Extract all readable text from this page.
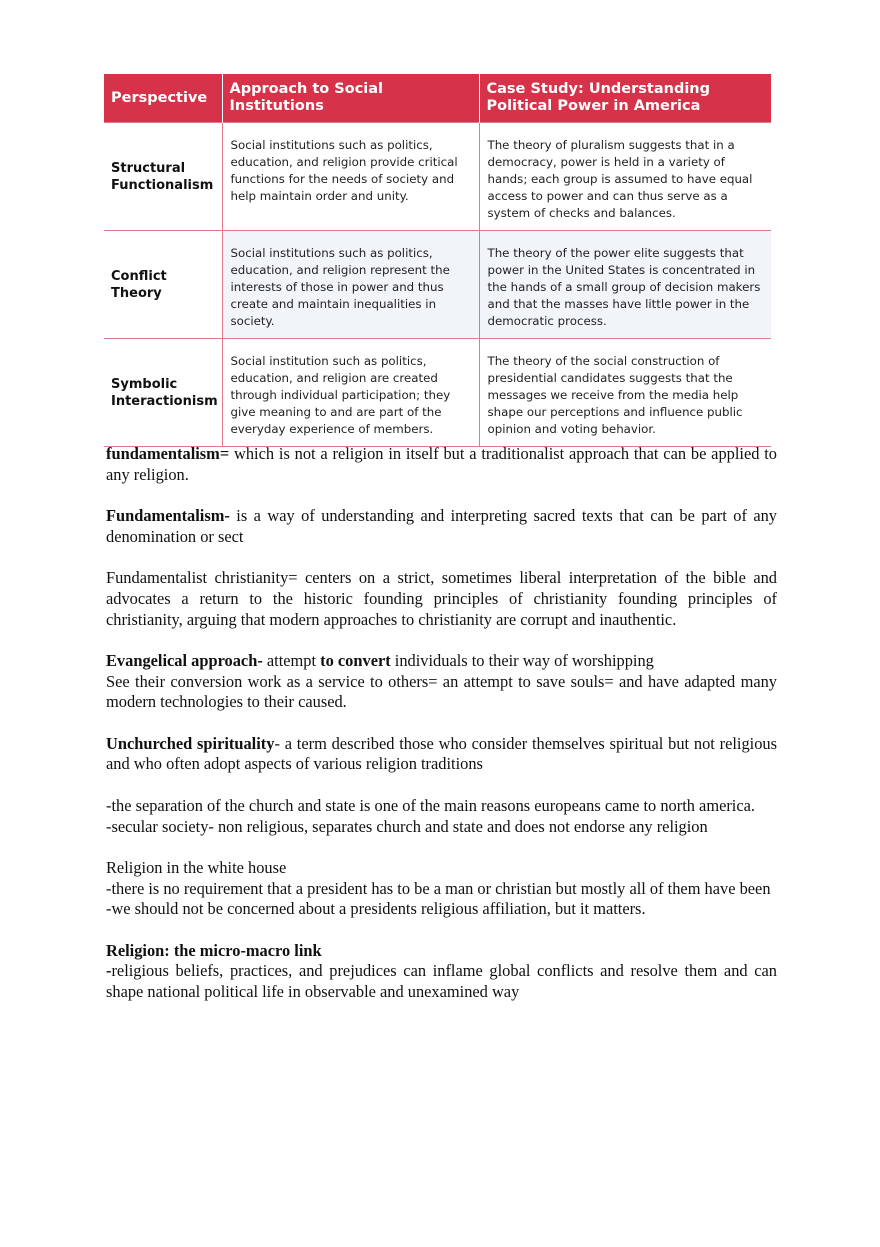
Perspective	Approach to Social Institutions	Case Study: Understanding Political Power in America
Structural Functionalism	Social institutions such as politics, education, and religion provide critical functions for the needs of society and help maintain order and unity.	The theory of pluralism suggests that in a democracy, power is held in a variety of hands; each group is assumed to have equal access to power and can thus serve as a system of checks and balances.
Conflict Theory	Social institutions such as politics, education, and religion represent the interests of those in power and thus create and maintain inequalities in society.	The theory of the power elite suggests that power in the United States is concentrated in the hands of a small group of decision makers and that the masses have little power in the democratic process.
Symbolic Interactionism	Social institution such as politics, education, and religion are created through individual participation; they give meaning to and are part of the everyday experience of members.	The theory of the social construction of presidential candidates suggests that the messages we receive from the media help shape our perceptions and influence public opinion and voting behavior.

fundamentalism= which is not a religion in itself but a traditionalist approach that can be applied to any religion.

Fundamentalism- is a way of understanding and interpreting sacred texts that can be part of any denomination or sect

Fundamentalist christianity= centers on a strict, sometimes liberal interpretation of the bible and advocates a return to the historic founding principles of christianity founding principles of christianity, arguing that modern approaches to christianity are corrupt and inauthentic.

Evangelical approach- attempt to convert individuals to their way of worshipping

See their conversion work as a service to others= an attempt to save souls= and have adapted many modern technologies to their caused.

Unchurched spirituality- a term described those who consider themselves spiritual but not religious and who often adopt aspects of various religion traditions

-the separation of the church and state is one of the main reasons europeans came to north america.

-secular society- non religious, separates church and state and does not endorse any religion

Religion in the white house

-there is no requirement that a president has to be a man or christian but mostly all of them have been

-we should not be concerned about a presidents religious affiliation, but it matters.

Religion: the micro-macro link

-religious beliefs, practices, and prejudices can inflame global conflicts and resolve them and can shape national political life in observable and unexamined way
